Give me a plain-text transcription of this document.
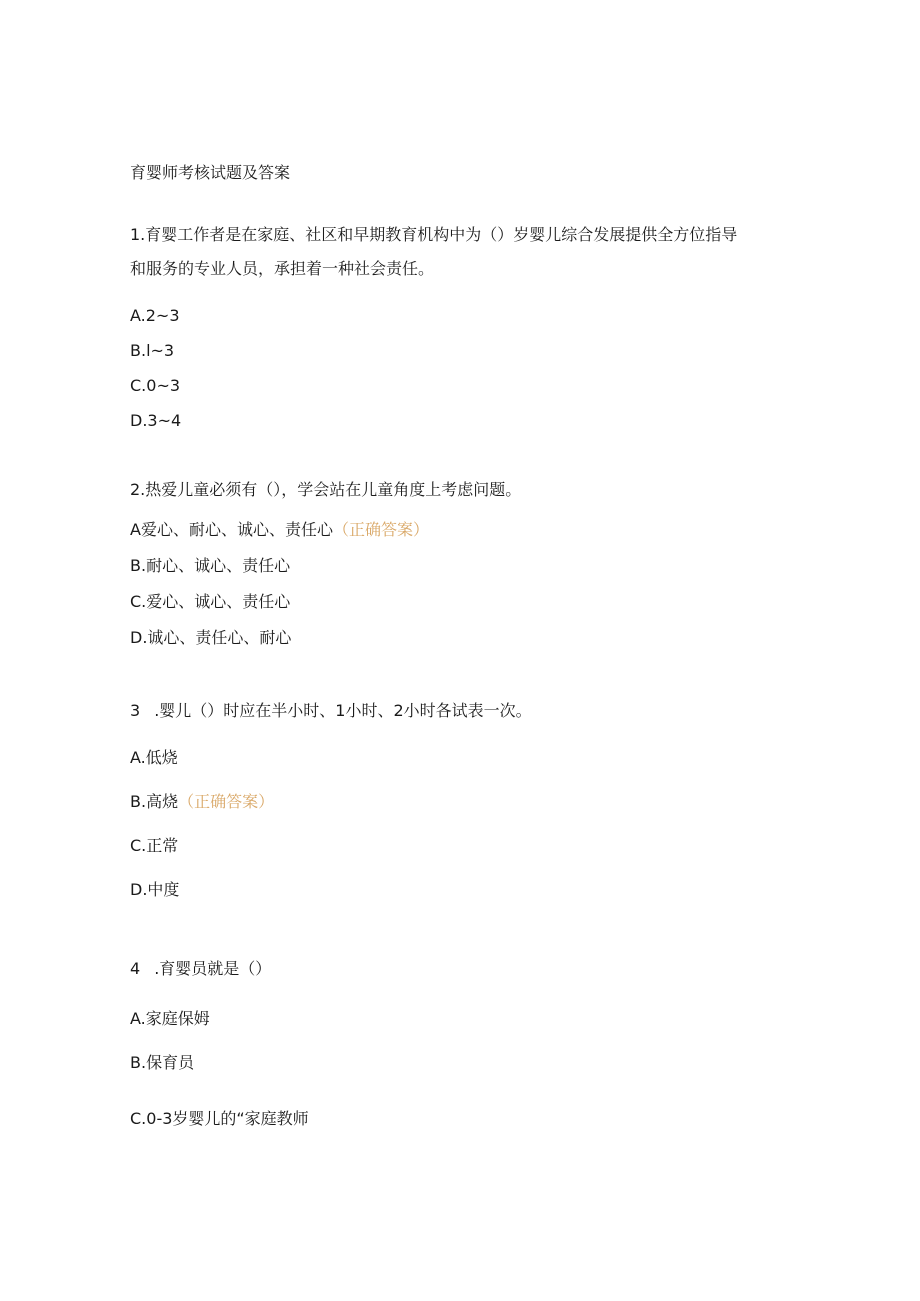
育婴师考核试题及答案
1.育婴工作者是在家庭、社区和早期教育机构中为（）岁婴儿综合发展提供全方位指导
和服务的专业人员，承担着一种社会责任。
A.2~3
B.l~3
C.0~3
D.3~4
2.热爱儿童必须有（），学会站在儿童角度上考虑问题。
A爱心、耐心、诚心、责任心（正确答案）
B.耐心、诚心、责任心
C.爱心、诚心、责任心
D.诚心、责任心、耐心
3 .婴儿（）时应在半小时、1小时、2小时各试表一次。
A.低烧
B.高烧（正确答案）
C.正常
D.中度
4 .育婴员就是（）
A.家庭保姆
B.保育员
C.0-3岁婴儿的“家庭教师
